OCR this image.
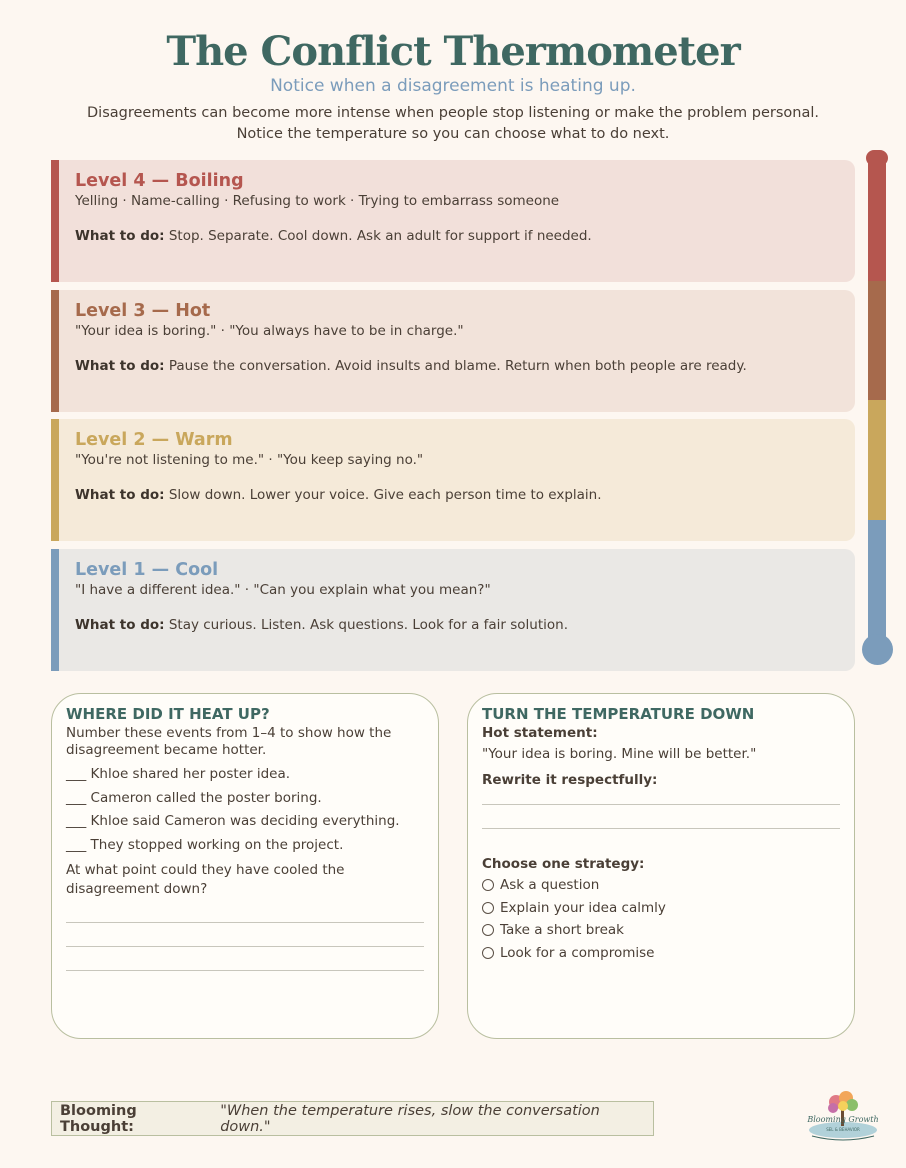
The Conflict Thermometer
Notice when a disagreement is heating up.
Disagreements can become more intense when people stop listening or make the problem personal.
Notice the temperature so you can choose what to do next.
Level 4 — Boiling
Yelling · Name-calling · Refusing to work · Trying to embarrass someone
What to do: Stop. Separate. Cool down. Ask an adult for support if needed.
Level 3 — Hot
"Your idea is boring." · "You always have to be in charge."
What to do: Pause the conversation. Avoid insults and blame. Return when both people are ready.
Level 2 — Warm
"You're not listening to me." · "You keep saying no."
What to do: Slow down. Lower your voice. Give each person time to explain.
Level 1 — Cool
"I have a different idea." · "Can you explain what you mean?"
What to do: Stay curious. Listen. Ask questions. Look for a fair solution.
WHERE DID IT HEAT UP?
Number these events from 1–4 to show how the disagreement became hotter.
___ Khloe shared her poster idea.
___ Cameron called the poster boring.
___ Khloe said Cameron was deciding everything.
___ They stopped working on the project.
At what point could they have cooled the disagreement down?
TURN THE TEMPERATURE DOWN
Hot statement:
"Your idea is boring. Mine will be better."
Rewrite it respectfully:
Choose one strategy:
Ask a question
Explain your idea calmly
Take a short break
Look for a compromise
Blooming Thought:
"When the temperature rises, slow the conversation down."	Blooming Growth
SEL & BEHAVIOR
